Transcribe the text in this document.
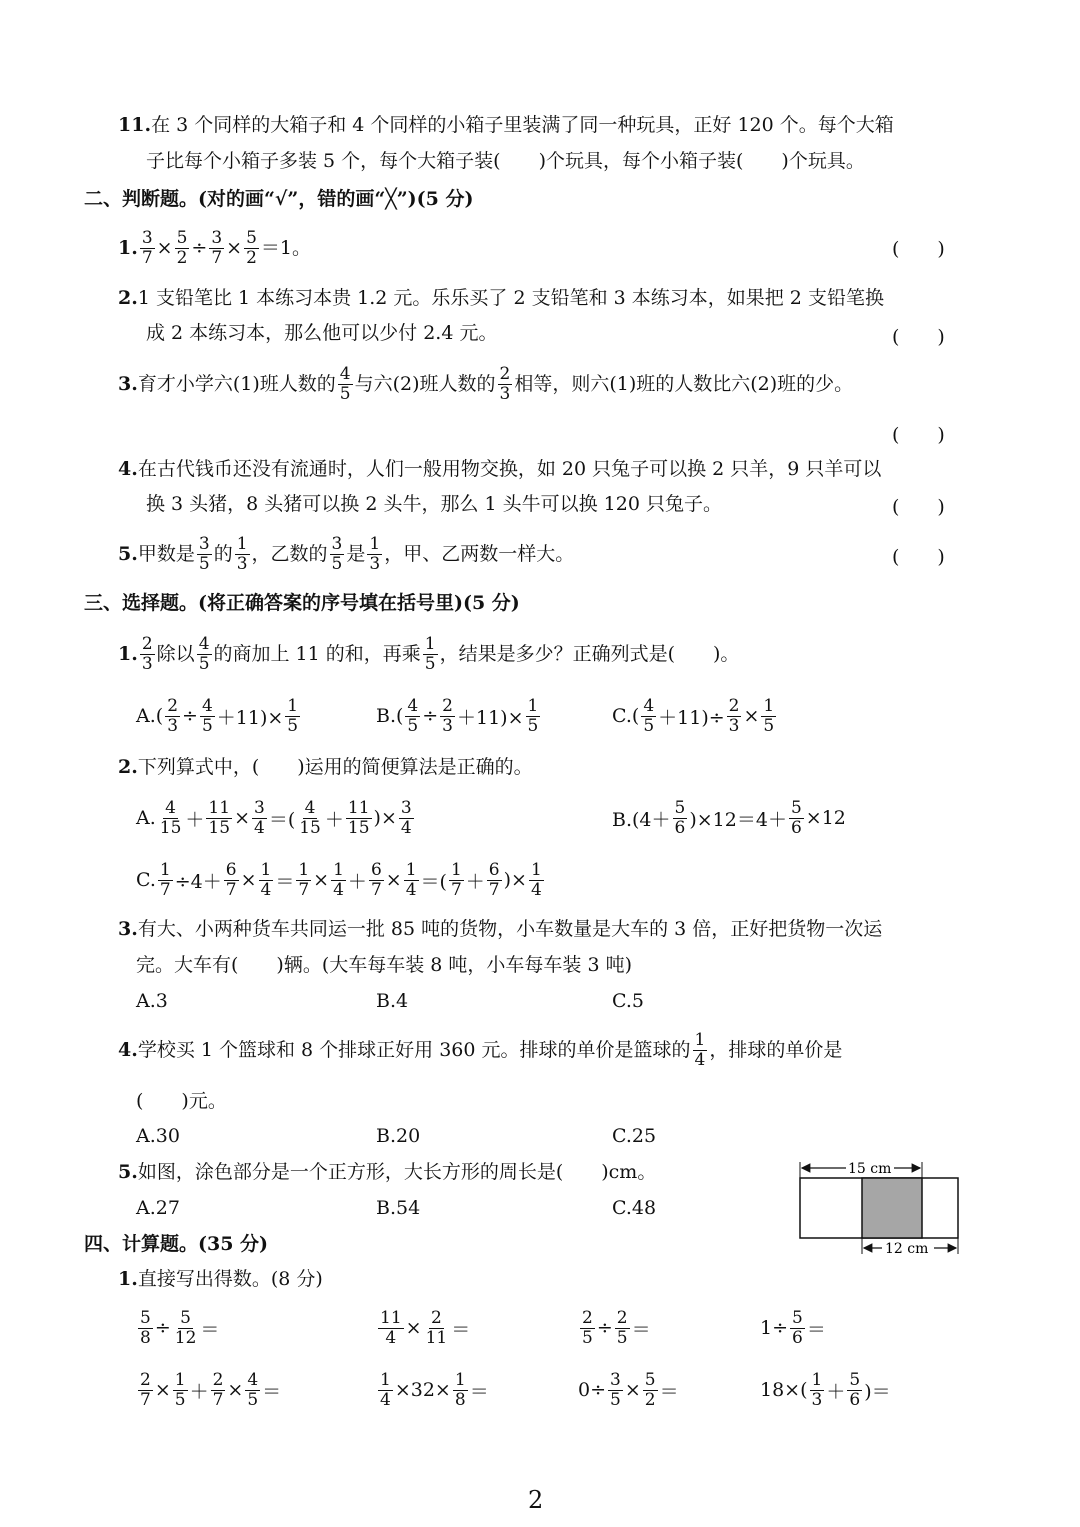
11. 在 3 个同样的大箱子和 4 个同样的小箱子里装满了同一种玩具，正好 120 个。每个大箱
子比每个小箱子多装 5 个，每个大箱子装(　　)个玩具，每个小箱子装(　　)个玩具。
二、判断题。(对的画“√”，错的画“╳”)(5 分)
1. $\frac{3}{7} \times \frac{5}{2} \div \frac{3}{7} \times \frac{5}{2} =1$。	(　　)
2. 1 支铅笔比 1 本练习本贵 1.2 元。乐乐买了 2 支铅笔和 3 本练习本，如果把 2 支铅笔换
成 2 本练习本，那么他可以少付 2.4 元。	(　　)
3. 育才小学六(1)班人数的 $\frac{4}{5}$ 与六(2)班人数的 $\frac{2}{3}$ 相等，则六(1)班的人数比六(2)班的少。
(　　)
4. 在古代钱币还没有流通时，人们一般用物交换，如 20 只兔子可以换 2 只羊，9 只羊可以
换 3 头猪，8 头猪可以换 2 头牛，那么 1 头牛可以换 120 只兔子。	(　　)
5. 甲数是 $\frac{3}{5}$ 的 $\frac{1}{3}$ ，乙数的 $\frac{3}{5}$ 是 $\frac{1}{3}$ ，甲、乙两数一样大。	(　　)
三、选择题。(将正确答案的序号填在括号里)(5 分)
1. $\frac{2}{3}$ 除以 $\frac{4}{5}$ 的商加上 11 的和，再乘 $\frac{1}{5}$ ，结果是多少？正确列式是(　　)。
$A.( \frac{2}{3} \div \frac{4}{5} +11)\times \frac{1}{5}$	$B.( \frac{4}{5} \div \frac{2}{3} +11)\times \frac{1}{5}$	$C.( \frac{4}{5} +11)\div \frac{2}{3} \times \frac{1}{5}$
2. 下列算式中，(　　)运用的简便算法是正确的。
A. $\frac{4}{15} + \frac{11}{15} \times \frac{3}{4}$ ＝( $\frac{4}{15} + \frac{11}{15}$ )× $\frac{3}{4}$	$B.(4+ \frac{5}{6} )\times 12=4+ \frac{5}{6} \times 12$
C. $\frac{1}{7} \div 4+ \frac{6}{7} \times \frac{1}{4} = \frac{1}{7} \times \frac{1}{4} + \frac{6}{7} \times \frac{1}{4}$ ＝( $\frac{1}{7} + \frac{6}{7}$ )× $\frac{1}{4}$
3. 有大、小两种货车共同运一批 85 吨的货物，小车数量是大车的 3 倍，正好把货物一次运
完。大车有(　　)辆。(大车每车装 8 吨，小车每车装 3 吨)
A.3	B.4	C.5
4. 学校买 1 个篮球和 8 个排球正好用 360 元。排球的单价是篮球的 $\frac{1}{4}$ ，排球的单价是
(　　)元。
A.30	B.20	C.25
5. 如图，涂色部分是一个正方形，大长方形的周长是(　　)cm。
A.27	B.54	C.48
15 cm
12 cm
四、计算题。(35 分)
1. 直接写出得数。(8 分)
$\frac{5}{8} \div \frac{5}{12}$ ＝	$\frac{11}{4} \times \frac{2}{11}$ ＝	$\frac{2}{5} \div \frac{2}{5}$ ＝	$1\div \frac{5}{6}$ ＝
$\frac{2}{7} \times \frac{1}{5} + \frac{2}{7} \times \frac{4}{5}$ ＝	$\frac{1}{4} \times 32\times \frac{1}{8}$ ＝	$0\div \frac{3}{5} \times \frac{5}{2}$ ＝	$18\times( \frac{1}{3} + \frac{5}{6}$ )＝
2
